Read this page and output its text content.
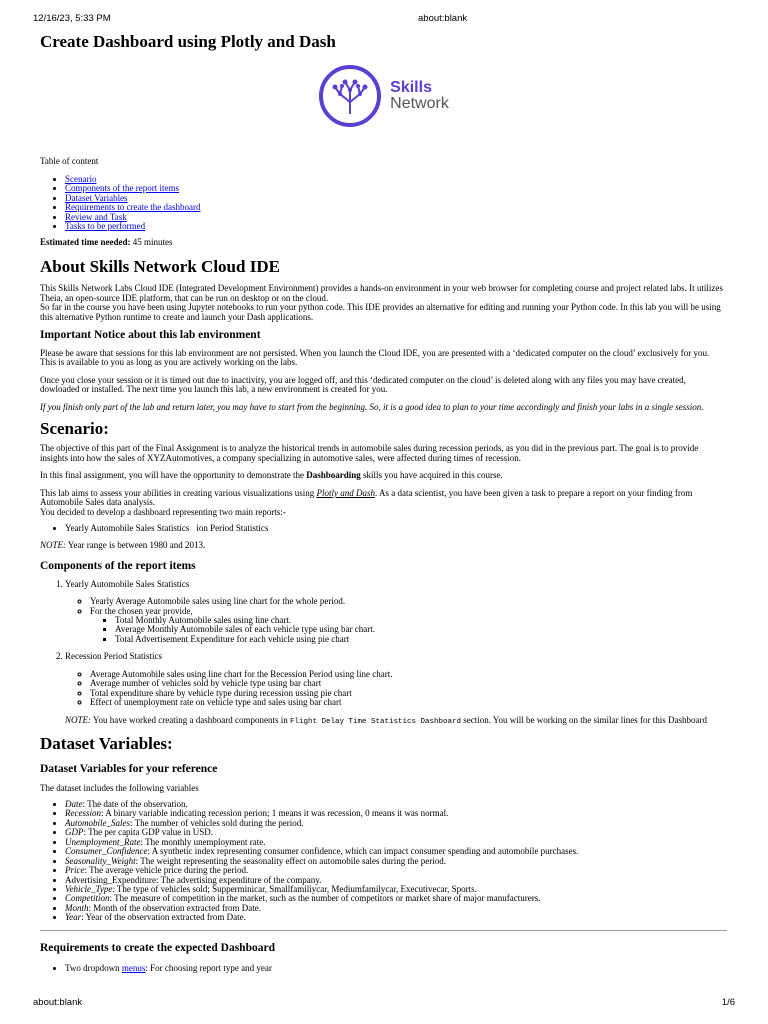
12/16/23, 5:33 PM	about:blank
Create Dashboard using Plotly and Dash
Skills
Network

Table of content

• Scenario
• Components of the report items
• Dataset Variables
• Requirements to create the dashboard
• Review and Task
• Tasks to be performed

Estimated time needed: 45 minutes

About Skills Network Cloud IDE

This Skills Network Labs Cloud IDE (Integrated Development Environment) provides a hands-on environment in your web browser for completing course and project related labs. It utilizes Theia, an open-source IDE platform, that can be run on desktop or on the cloud.

So far in the course you have been using Jupyter notebooks to run your python code. This IDE provides an alternative for editing and running your Python code. In this lab you will be using this alternative Python runtime to create and launch your Dash applications.

Important Notice about this lab environment

Please be aware that sessions for this lab environment are not persisted. When you launch the Cloud IDE, you are presented with a ‘dedicated computer on the cloud’ exclusively for you. This is available to you as long as you are actively working on the labs.

Once you close your session or it is timed out due to inactivity, you are logged off, and this ‘dedicated computer on the cloud’ is deleted along with any files you may have created, dowloaded or installed. The next time you launch this lab, a new environment is created for you.

If you finish only part of the lab and return later, you may have to start from the beginning. So, it is a good idea to plan to your time accordingly and finish your labs in a single session.

Scenario:

The objective of this part of the Final Assignment is to analyze the historical trends in automobile sales during recession periods, as you did in the previous part. The goal is to provide insights into how the sales of XYZAutomotives, a company specializing in automotive sales, were affected during times of recession.

In this final assignment, you will have the opportunity to demonstrate the Dashboarding skills you have acquired in this course.

This lab aims to assess your abilities in creating various visualizations using Plotly and Dash. As a data scientist, you have been given a task to prepare a report on your finding from Automobile Sales data analysis.

You decided to develop a dashboard representing two main reports:-

• Yearly Automobile Sales Statistics ion Period Statistics

NOTE: Year range is between 1980 and 2013.

Components of the report items
1. Yearly Automobile Sales Statistics
◦ Yearly Average Automobile sales using line chart for the whole period.
◦ For the chosen year provide,
▪ Total Monthly Automobile sales using line chart.
▪ Average Monthly Automobile sales of each vehicle type using bar chart.
▪ Total Advertisement Expenditure for each vehicle using pie chart
2. Recession Period Statistics
◦ Average Automobile sales using line chart for the Recession Period using line chart.
◦ Average number of vehicles sold by vehicle type using bar chart
◦ Total expenditure share by vehicle type during recession ussing pie chart
◦ Effect of unemployment rate on vehicle type and sales using bar chart

NOTE: You have worked creating a dashboard components in Flight Delay Time Statistics Dashboard section. You will be working on the similar lines for this Dashboard

Dataset Variables:
Dataset Variables for your reference

The dataset includes the following variables

• Date: The date of the observation.
• Recession: A binary variable indicating recession perion; 1 means it was recession, 0 means it was normal.
• Automobile_Sales: The number of vehicles sold during the period.
• GDP: The per capita GDP value in USD.
• Unemployment_Rate: The monthly unemployment rate.
• Consumer_Confidence: A synthetic index representing consumer confidence, which can impact consumer spending and automobile purchases.
• Seasonality_Weight: The weight representing the seasonality effect on automobile sales during the period.
• Price: The average vehicle price during the period.
• Advertising_Expenditure: The advertising expenditure of the company.
• Vehicle_Type: The type of vehicles sold; Supperminicar, Smallfamiliycar, Mediumfamilycar, Executivecar, Sports.
• Competition: The measure of competition in the market, such as the number of competitors or market share of major manufacturers.
• Month: Month of the observation extracted from Date.
• Year: Year of the observation extracted from Date.
Requirements to create the expected Dashboard
• Two dropdown menus: For choosing report type and year
about:blank	1/6
